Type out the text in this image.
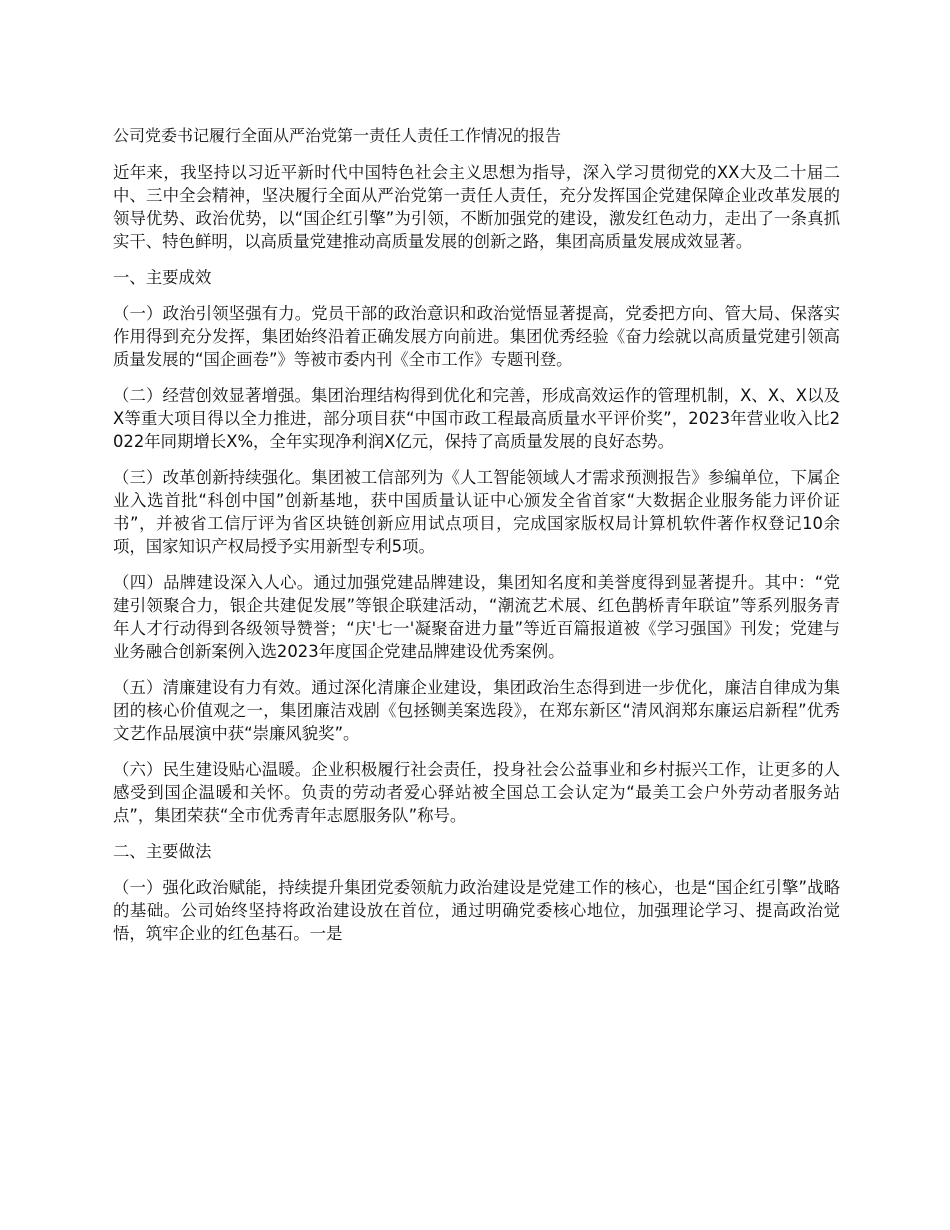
公司党委书记履行全面从严治党第一责任人责任工作情况的报告

近年来，我坚持以习近平新时代中国特色社会主义思想为指导，深入学习贯彻党的XX大及二十届二中、三中全会精神，坚决履行全面从严治党第一责任人责任，充分发挥国企党建保障企业改革发展的领导优势、政治优势，以“国企红引擎”为引领，不断加强党的建设，激发红色动力，走出了一条真抓实干、特色鲜明，以高质量党建推动高质量发展的创新之路，集团高质量发展成效显著。

一、主要成效

（一）政治引领坚强有力。党员干部的政治意识和政治觉悟显著提高，党委把方向、管大局、保落实作用得到充分发挥，集团始终沿着正确发展方向前进。集团优秀经验《奋力绘就以高质量党建引领高质量发展的“国企画卷”》等被市委内刊《全市工作》专题刊登。

（二）经营创效显著增强。集团治理结构得到优化和完善，形成高效运作的管理机制，X、X、X以及X等重大项目得以全力推进，部分项目获“中国市政工程最高质量水平评价奖”，2023年营业收入比2022年同期增长X%，全年实现净利润X亿元，保持了高质量发展的良好态势。

（三）改革创新持续强化。集团被工信部列为《人工智能领域人才需求预测报告》参编单位，下属企业入选首批“科创中国”创新基地，获中国质量认证中心颁发全省首家“大数据企业服务能力评价证书”，并被省工信厅评为省区块链创新应用试点项目，完成国家版权局计算机软件著作权登记10余项，国家知识产权局授予实用新型专利5项。

（四）品牌建设深入人心。通过加强党建品牌建设，集团知名度和美誉度得到显著提升。其中：“党建引领聚合力，银企共建促发展”等银企联建活动，“潮流艺术展、红色鹊桥青年联谊”等系列服务青年人才行动得到各级领导赞誉；“庆'七一'凝聚奋进力量”等近百篇报道被《学习强国》刊发；党建与业务融合创新案例入选2023年度国企党建品牌建设优秀案例。

（五）清廉建设有力有效。通过深化清廉企业建设，集团政治生态得到进一步优化，廉洁自律成为集团的核心价值观之一，集团廉洁戏剧《包拯铡美案选段》，在郑东新区“清风润郑东廉运启新程”优秀文艺作品展演中获“崇廉风貌奖”。

（六）民生建设贴心温暖。企业积极履行社会责任，投身社会公益事业和乡村振兴工作，让更多的人感受到国企温暖和关怀。负责的劳动者爱心驿站被全国总工会认定为“最美工会户外劳动者服务站点”，集团荣获“全市优秀青年志愿服务队”称号。

二、主要做法

（一）强化政治赋能，持续提升集团党委领航力政治建设是党建工作的核心，也是“国企红引擎”战略的基础。公司始终坚持将政治建设放在首位，通过明确党委核心地位，加强理论学习、提高政治觉悟，筑牢企业的红色基石。一是
